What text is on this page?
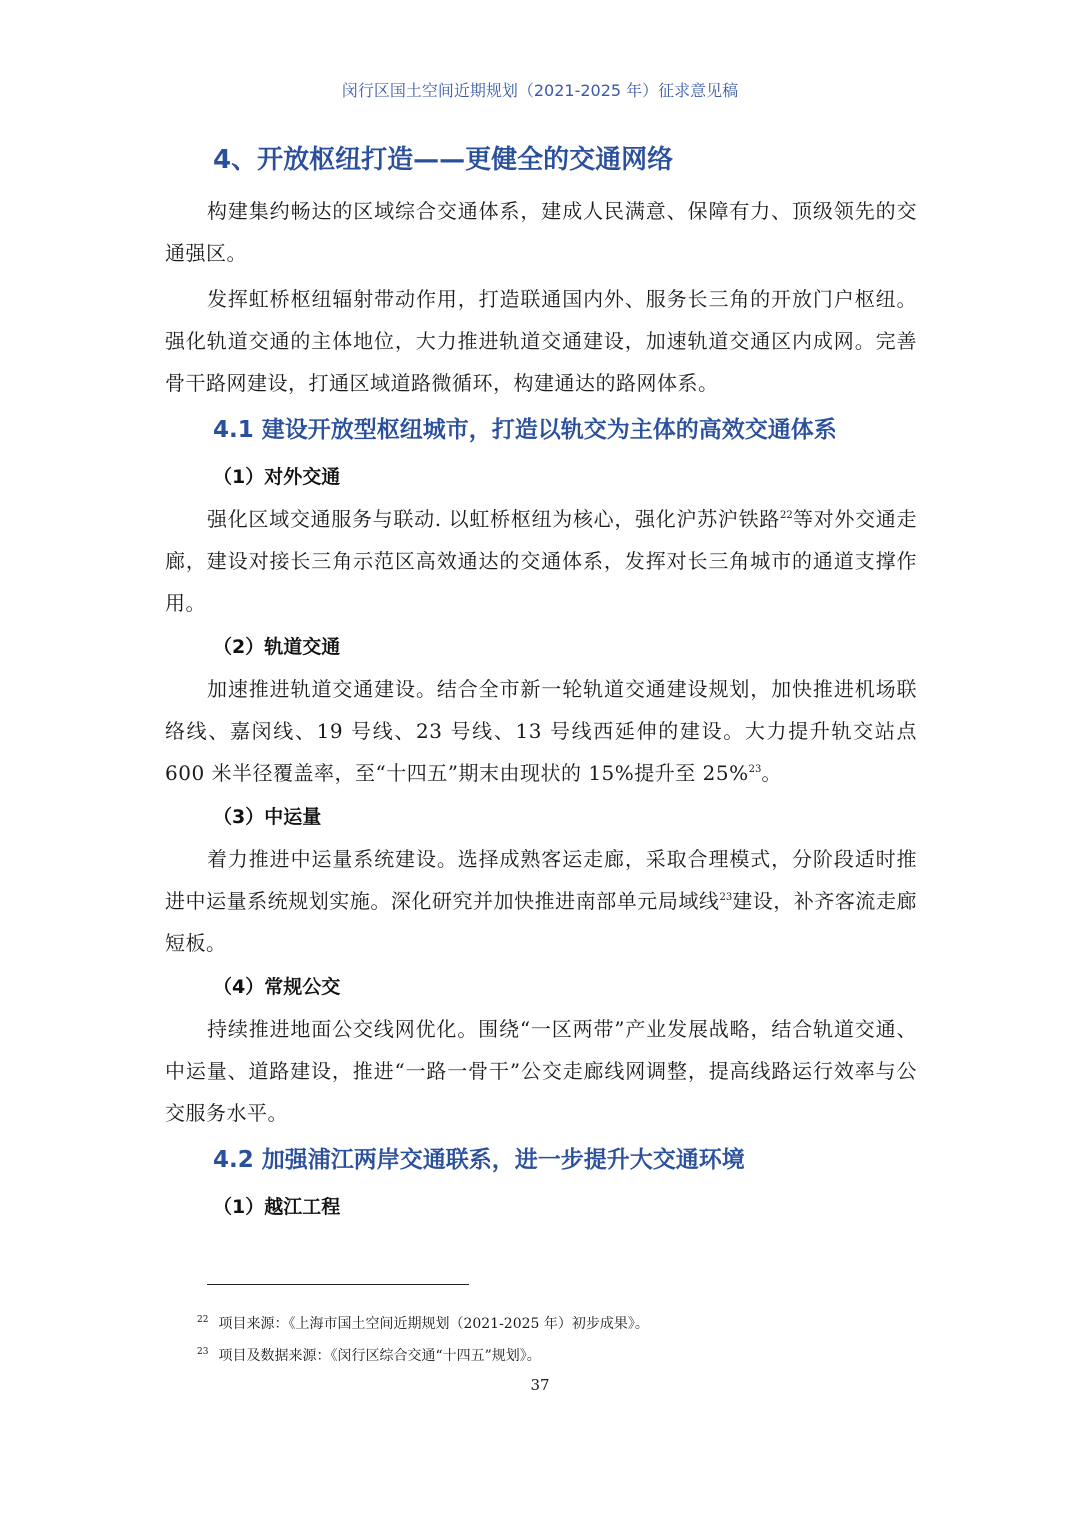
闵行区国土空间近期规划（2021-2025 年）征求意见稿
4、开放枢纽打造——更健全的交通网络

构建集约畅达的区域综合交通体系，建成人民满意、保障有力、顶级领先的交通强区。

发挥虹桥枢纽辐射带动作用，打造联通国内外、服务长三角的开放门户枢纽。强化轨道交通的主体地位，大力推进轨道交通建设，加速轨道交通区内成网。完善骨干路网建设，打通区域道路微循环，构建通达的路网体系。

4.1 建设开放型枢纽城市，打造以轨交为主体的高效交通体系
（1）对外交通

强化区域交通服务与联动. 以虹桥枢纽为核心，强化沪苏沪铁路$^{22}$等对外交通走廊，建设对接长三角示范区高效通达的交通体系，发挥对长三角城市的通道支撑作用。

（2）轨道交通

加速推进轨道交通建设。结合全市新一轮轨道交通建设规划，加快推进机场联络线、嘉闵线、19 号线、23 号线、13 号线西延伸的建设。大力提升轨交站点 600 米半径覆盖率，至“十四五”期末由现状的 15%提升至 25%$^{23}$。

（3）中运量

着力推进中运量系统建设。选择成熟客运走廊，采取合理模式，分阶段适时推进中运量系统规划实施。深化研究并加快推进南部单元局域线$^{23}$建设，补齐客流走廊短板。

（4）常规公交

持续推进地面公交线网优化。围绕“一区两带”产业发展战略，结合轨道交通、中运量、道路建设，推进“一路一骨干”公交走廊线网调整，提高线路运行效率与公交服务水平。

4.2 加强浦江两岸交通联系，进一步提升大交通环境
（1）越江工程

$^{22}$ 项目来源：《上海市国土空间近期规划（2021-2025 年）初步成果》。

$^{23}$ 项目及数据来源：《闵行区综合交通“十四五”规划》。

37
